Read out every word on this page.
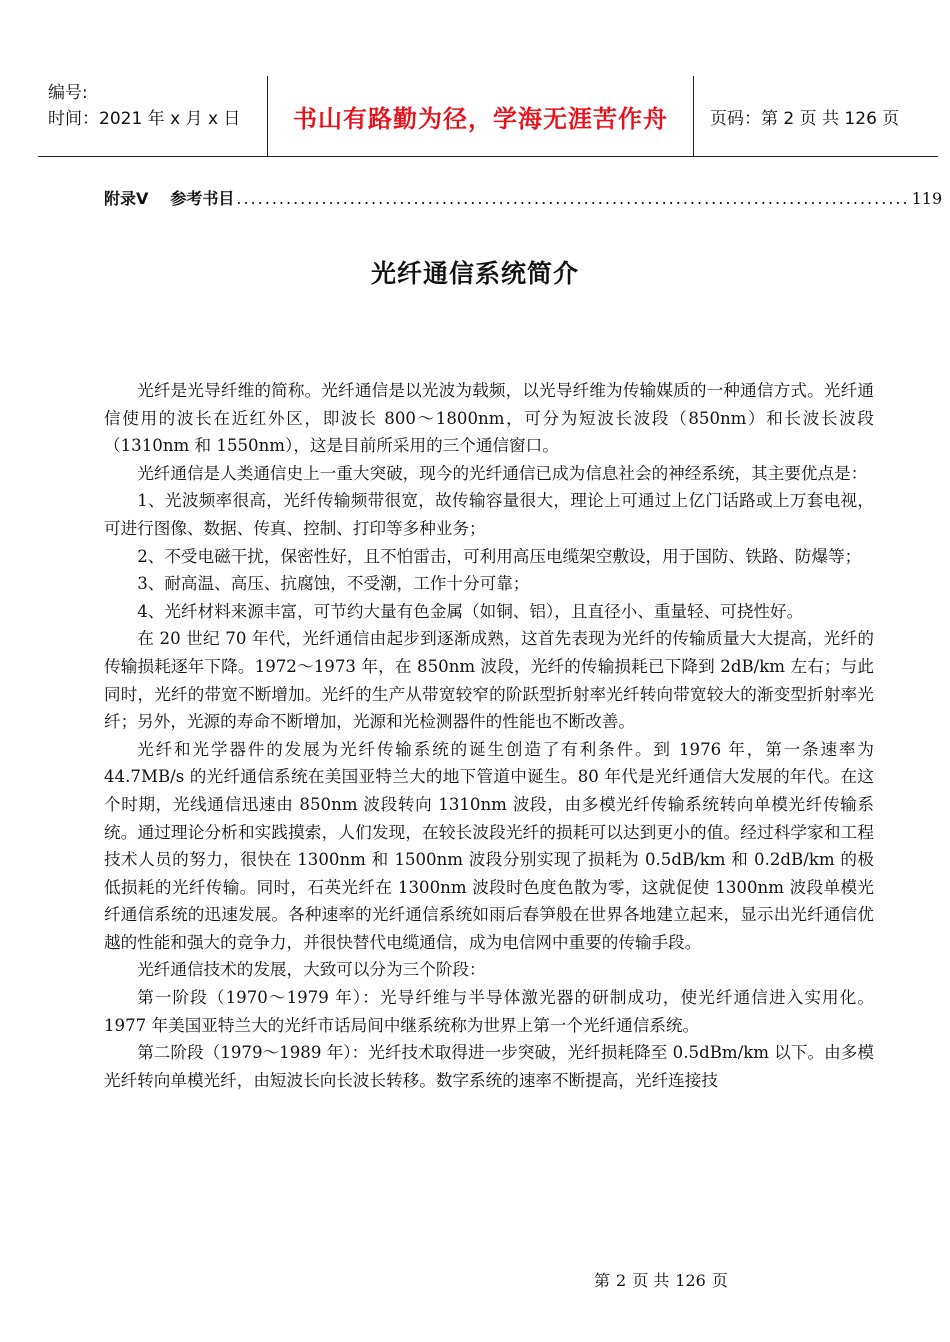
编号:
时间：2021 年 x 月 x 日	书山有路勤为径，学海无涯苦作舟	页码：第 2 页 共 126 页
附录Ⅴ 参考书目 ............................................................................................... 119
光纤通信系统简介

光纤是光导纤维的简称。光纤通信是以光波为载频，以光导纤维为传输媒质的一种通信方式。光纤通信使用的波长在近红外区，即波长 800～1800nm，可分为短波长波段（850nm）和长波长波段（1310nm 和 1550nm），这是目前所采用的三个通信窗口。

光纤通信是人类通信史上一重大突破，现今的光纤通信已成为信息社会的神经系统，其主要优点是：

1、光波频率很高，光纤传输频带很宽，故传输容量很大，理论上可通过上亿门话路或上万套电视，可进行图像、数据、传真、控制、打印等多种业务；

2、不受电磁干扰，保密性好，且不怕雷击，可利用高压电缆架空敷设，用于国防、铁路、防爆等；

3、耐高温、高压、抗腐蚀，不受潮，工作十分可靠；

4、光纤材料来源丰富，可节约大量有色金属（如铜、铝），且直径小、重量轻、可挠性好。

在 20 世纪 70 年代，光纤通信由起步到逐渐成熟，这首先表现为光纤的传输质量大大提高，光纤的传输损耗逐年下降。1972～1973 年，在 850nm 波段，光纤的传输损耗已下降到 2dB/km 左右；与此同时，光纤的带宽不断增加。光纤的生产从带宽较窄的阶跃型折射率光纤转向带宽较大的渐变型折射率光纤；另外，光源的寿命不断增加，光源和光检测器件的性能也不断改善。

光纤和光学器件的发展为光纤传输系统的诞生创造了有利条件。到 1976 年，第一条速率为 44.7MB/s 的光纤通信系统在美国亚特兰大的地下管道中诞生。80 年代是光纤通信大发展的年代。在这个时期，光线通信迅速由 850nm 波段转向 1310nm 波段，由多模光纤传输系统转向单模光纤传输系统。通过理论分析和实践摸索，人们发现，在较长波段光纤的损耗可以达到更小的值。经过科学家和工程技术人员的努力，很快在 1300nm 和 1500nm 波段分别实现了损耗为 0.5dB/km 和 0.2dB/km 的极低损耗的光纤传输。同时，石英光纤在 1300nm 波段时色度色散为零，这就促使 1300nm 波段单模光纤通信系统的迅速发展。各种速率的光纤通信系统如雨后春笋般在世界各地建立起来，显示出光纤通信优越的性能和强大的竞争力，并很快替代电缆通信，成为电信网中重要的传输手段。

光纤通信技术的发展，大致可以分为三个阶段：

第一阶段（1970～1979 年）：光导纤维与半导体激光器的研制成功，使光纤通信进入实用化。1977 年美国亚特兰大的光纤市话局间中继系统称为世界上第一个光纤通信系统。

第二阶段（1979～1989 年）：光纤技术取得进一步突破，光纤损耗降至 0.5dBm/km 以下。由多模光纤转向单模光纤，由短波长向长波长转移。数字系统的速率不断提高，光纤连接技

第 2 页 共 126 页
